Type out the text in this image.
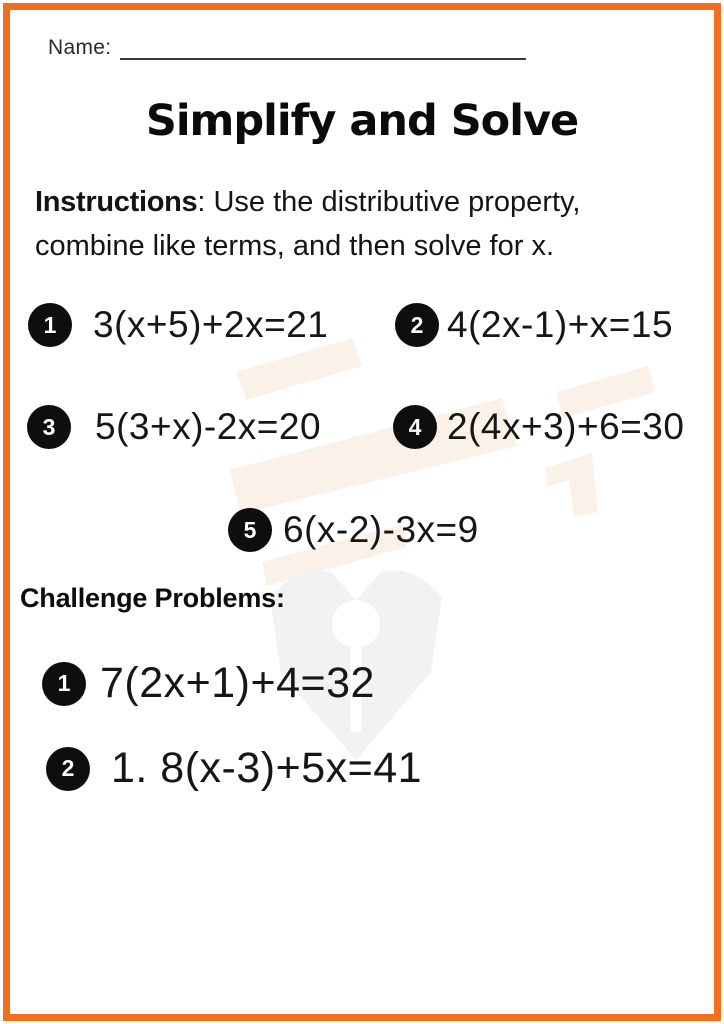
Name:
Simplify and Solve

Instructions: Use the distributive property,
combine like terms, and then solve for x.

1 3(x+5)+2x=21	2 4(2x-1)+x=15
3	5(3+x)-2x=20	4 2(4x+3)+6=30
5 6(x-2)-3x=9
Challenge Problems:
1 7(2x+1)+4=32
2 1. 8(x-3)+5x=41
